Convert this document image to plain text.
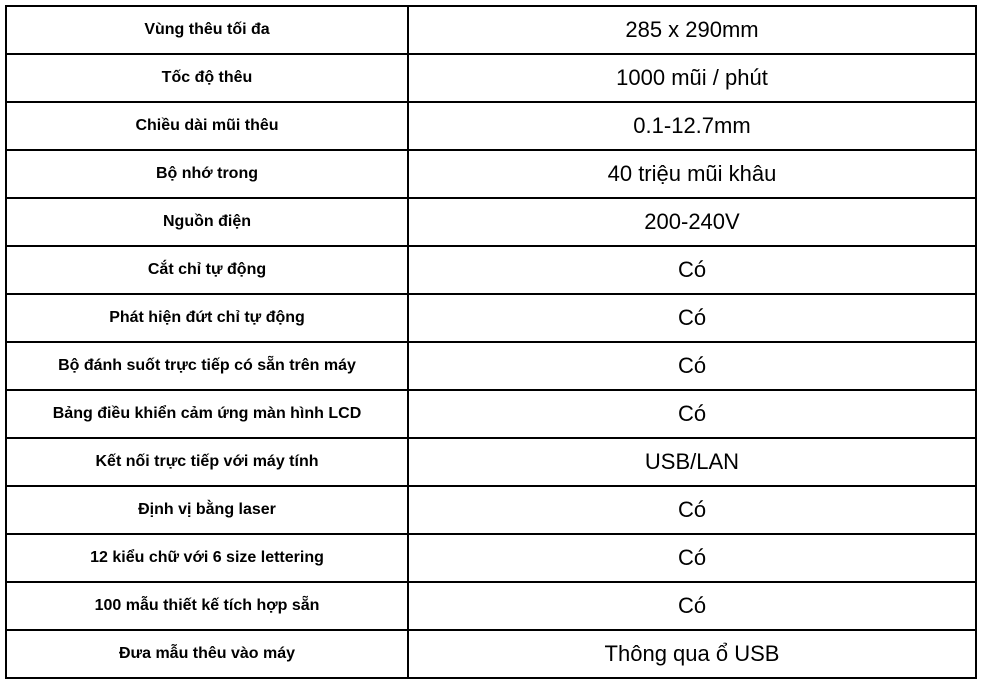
Vùng thêu tối đa	285 x 290mm
Tốc độ thêu	1000 mũi / phút
Chiều dài mũi thêu	0.1-12.7mm
Bộ nhớ trong	40 triệu mũi khâu
Nguồn điện	200-240V
Cắt chỉ tự động	Có
Phát hiện đứt chỉ tự động	Có
Bộ đánh suốt trực tiếp có sẵn trên máy	Có
Bảng điều khiển cảm ứng màn hình LCD	Có
Kết nối trực tiếp với máy tính	USB/LAN
Định vị bằng laser	Có
12 kiểu chữ với 6 size lettering	Có
100 mẫu thiết kế tích hợp sẵn	Có
Đưa mẫu thêu vào máy	Thông qua ổ USB
